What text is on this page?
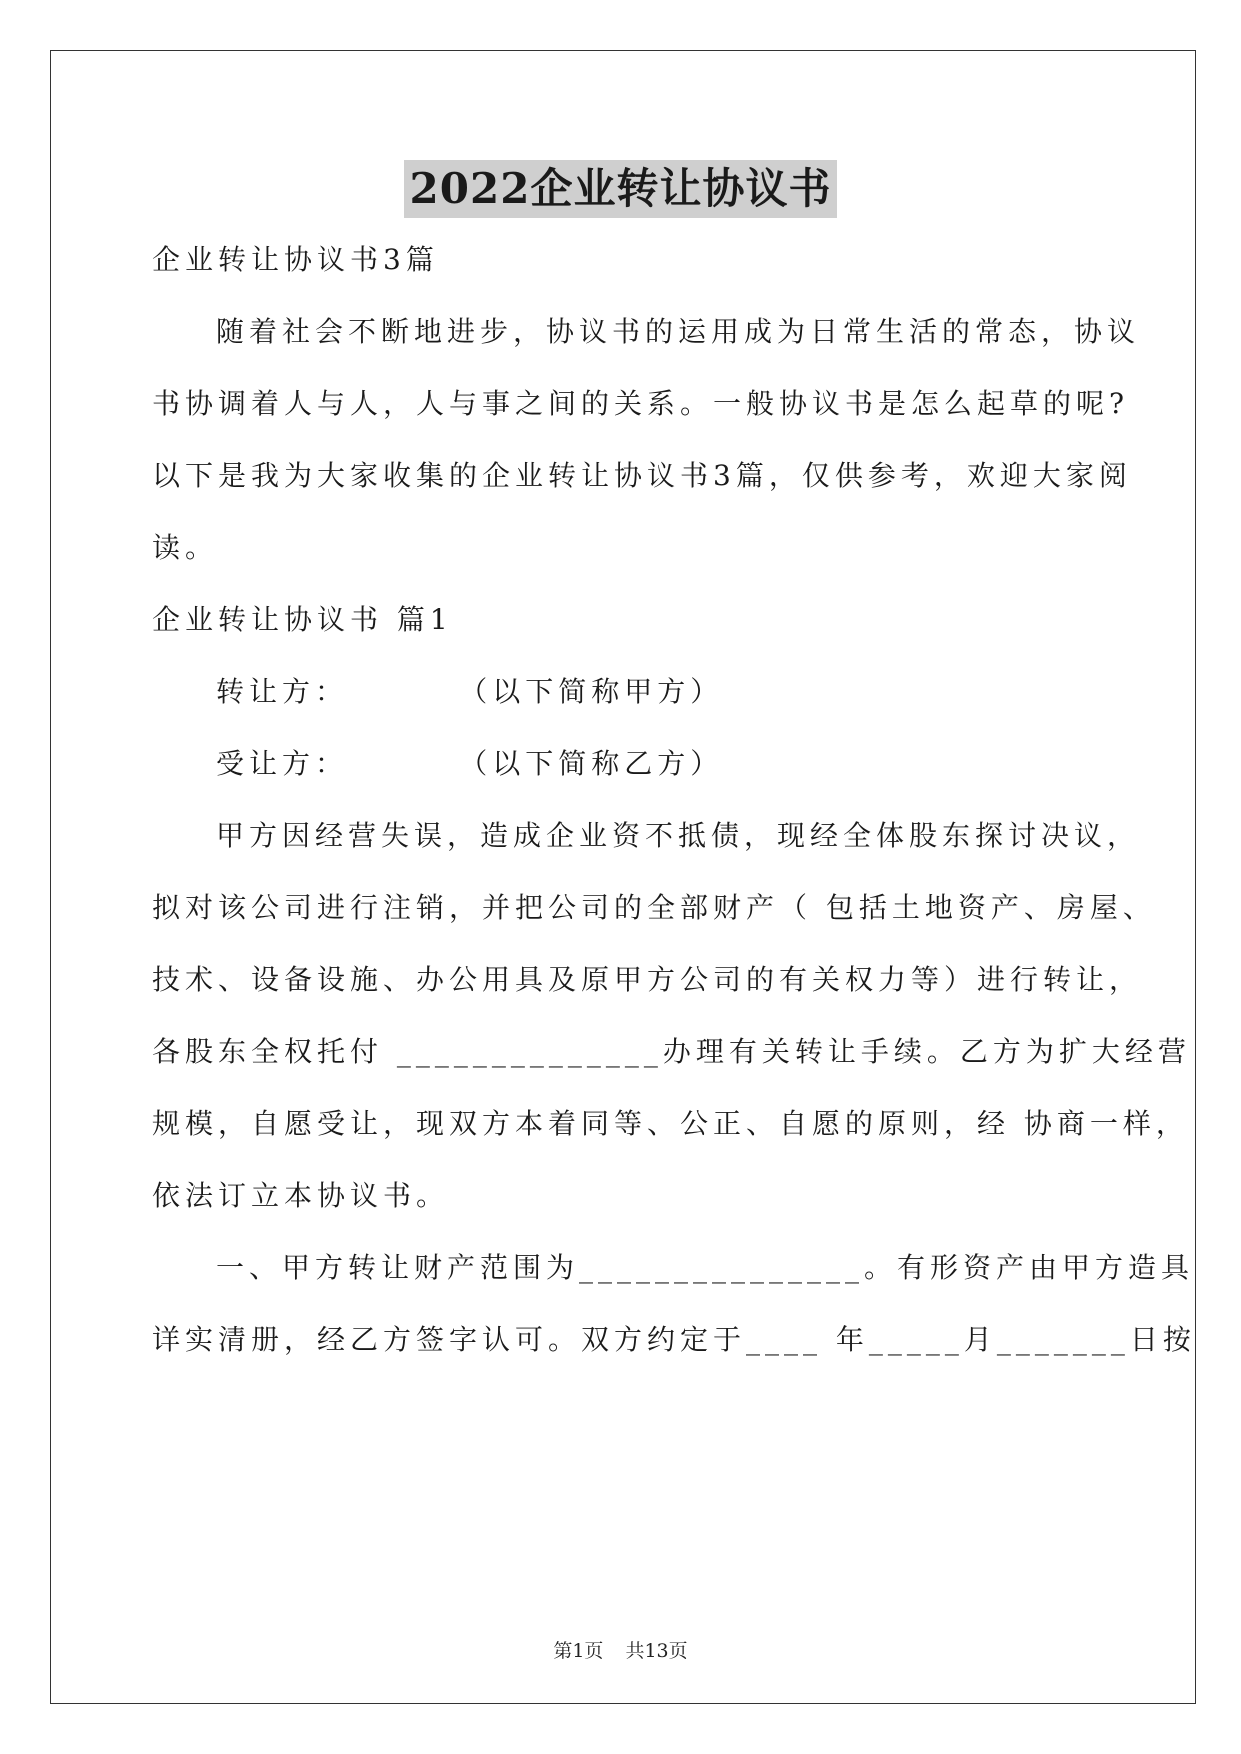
2022企业转让协议书
企业转让协议书3篇
随着社会不断地进步，协议书的运用成为日常生活的常态，协议
书协调着人与人，人与事之间的关系。一般协议书是怎么起草的呢?
以下是我为大家收集的企业转让协议书3篇，仅供参考，欢迎大家阅
读。
企业转让协议书 篇1
转让方：        （以下简称甲方）
受让方：        （以下简称乙方）
甲方因经营失误，造成企业资不抵债，现经全体股东探讨决议，
拟对该公司进行注销，并把公司的全部财产（ 包括土地资产、房屋、
技术、设备设施、办公用具及原甲方公司的有关权力等）进行转让，
各股东全权托付 ______________办理有关转让手续。乙方为扩大经营
规模，自愿受让，现双方本着同等、公正、自愿的原则，经 协商一样，
依法订立本协议书。
一、甲方转让财产范围为_______________。有形资产由甲方造具
详实清册，经乙方签字认可。双方约定于____ 年_____月_______日按
第1页 共13页
